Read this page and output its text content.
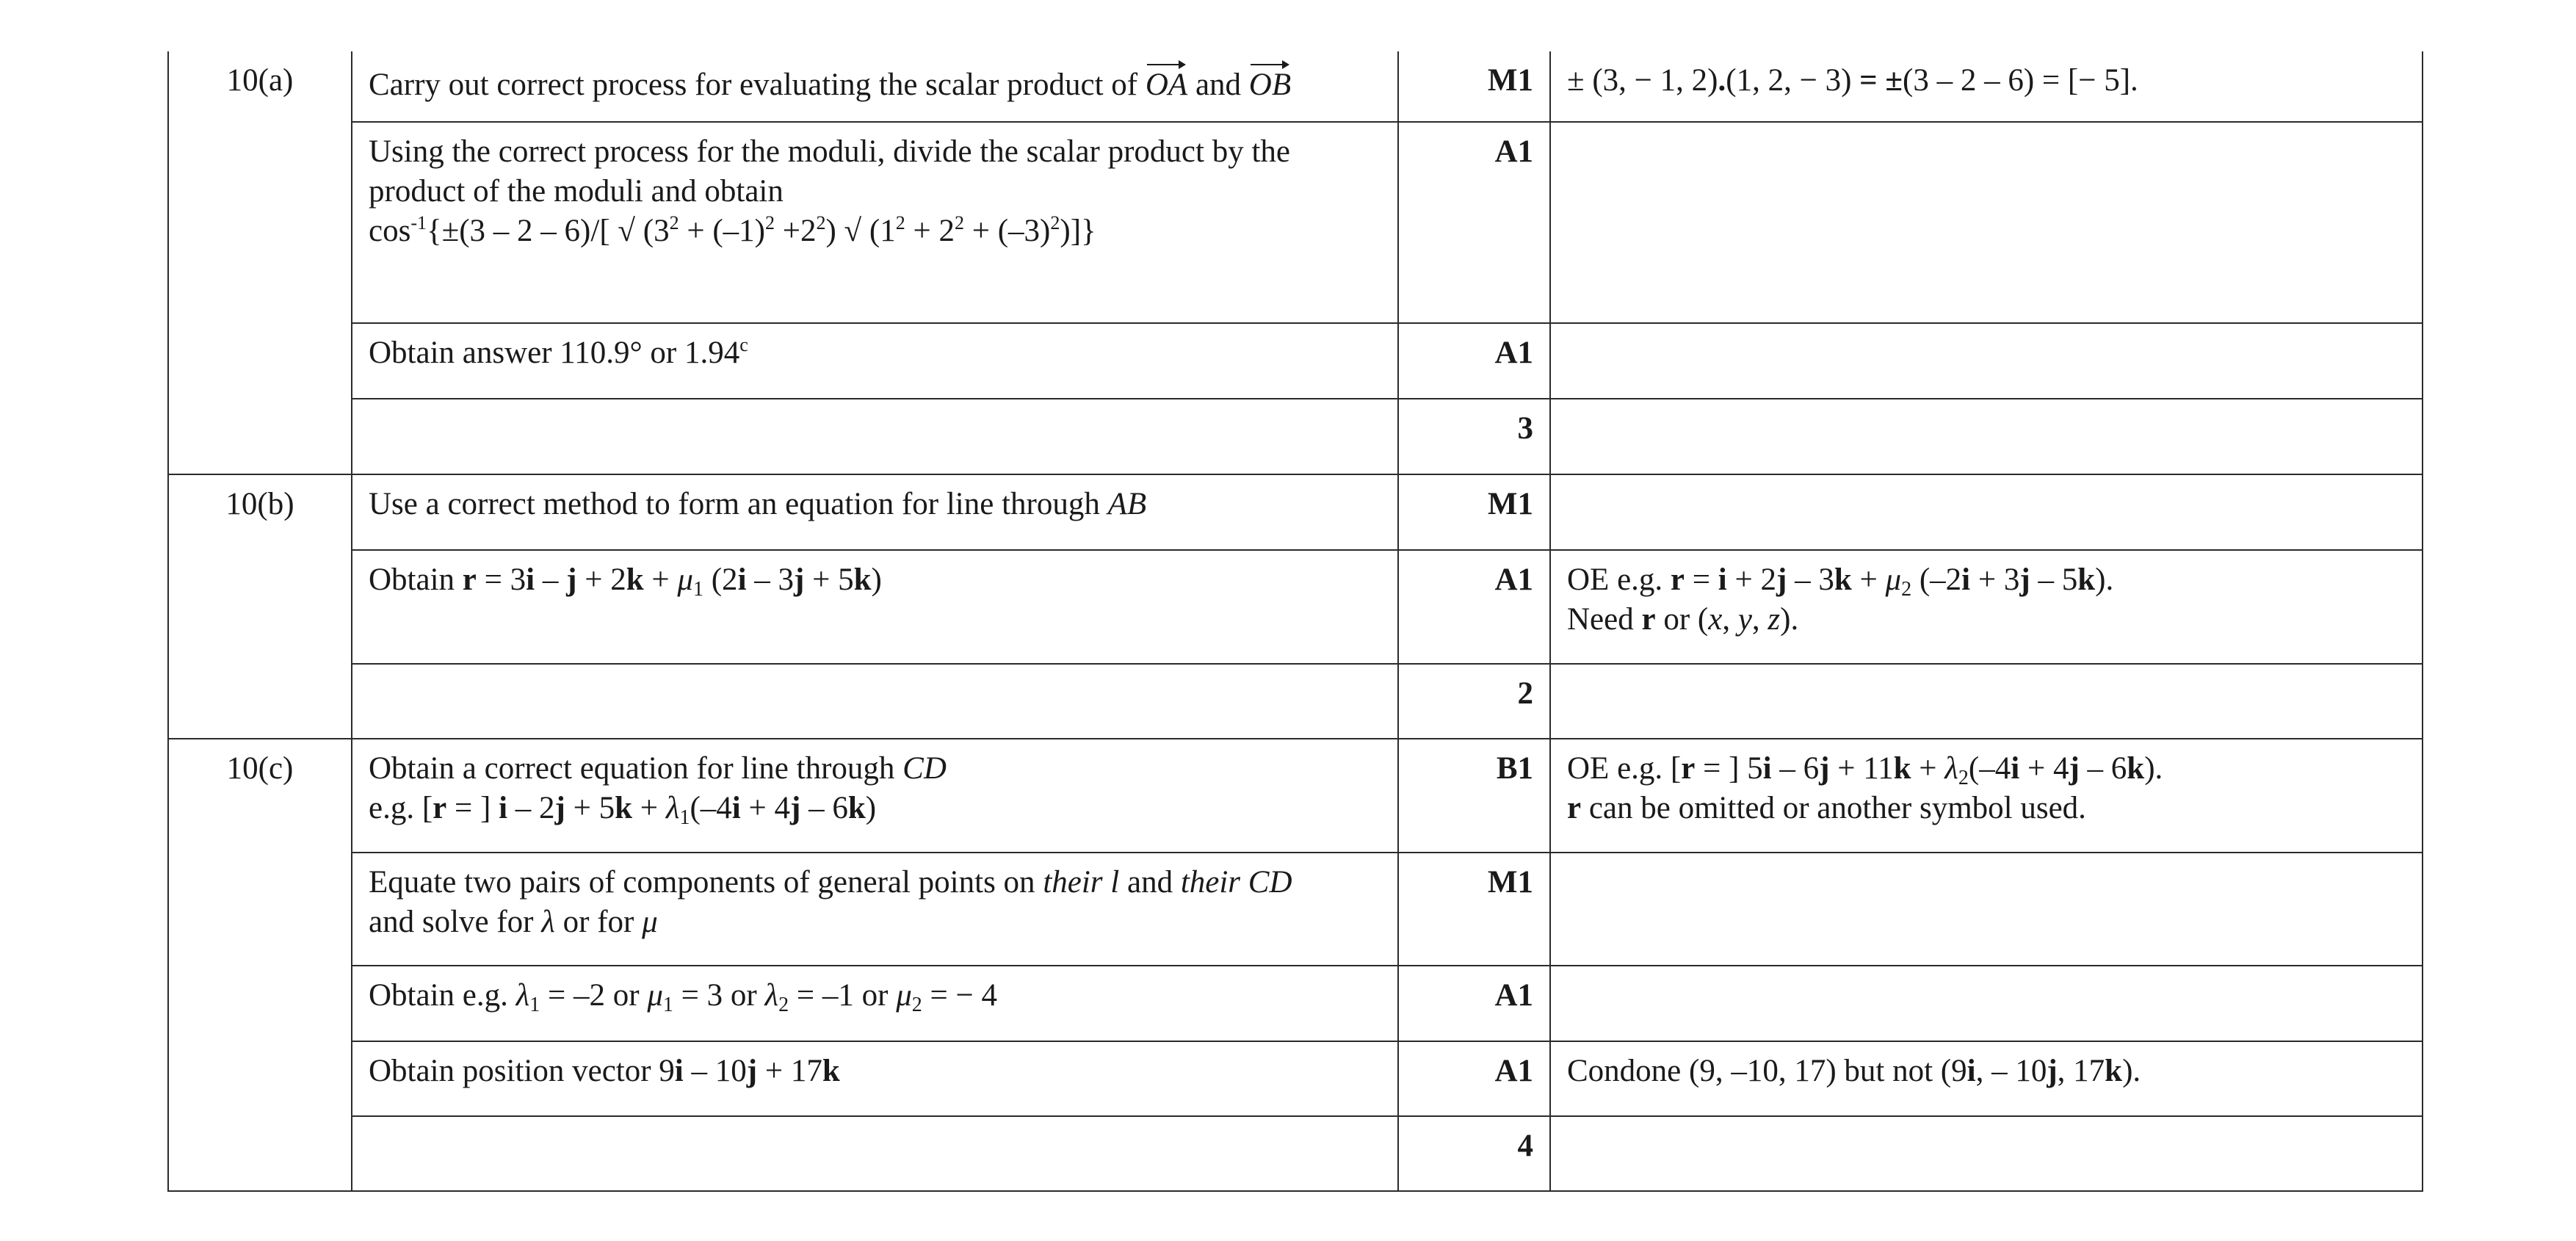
10(a)	Carry out correct process for evaluating the scalar product of OA and OB	M1	± (3, − 1, 2).(1, 2, − 3) = ±(3 – 2 – 6) = [− 5].

	Using the correct process for the moduli, divide the scalar product by the
product of the moduli and obtain
$\cos^{-1}\{\pm(3 - 2 - 6)/$[ √ $(3^2 + (-1)^2 +2^2)$ √ $(1^2 + 2^2 + (-3)^2)$]}	A1	
	Obtain answer 110.9° or 1.94$^c$	A1	
		3	
10(b)	Use a correct method to form an equation for line through AB	M1	
	Obtain $r = 3i - j + 2k + \mu_1$ (2i – 3j + 5k)	A1	OE e.g. $r = i + 2j - 3k + \mu_2$ (–2i + 3j – 5k).
Need r or (x, y, z).

		2	
10(c)	Obtain a correct equation for line through CD
e.g. [r = ] $i - 2j + 5k + \lambda_1(-4i + 4j - 6k)$	B1	OE e.g. [r = ] $5i - 6j + 11k + \lambda_2(-4i + 4j - 6k)$.
r can be omitted or another symbol used.

	Equate two pairs of components of general points on their l and their CD
and solve for λ or for μ	M1	
	Obtain e.g. $\lambda_1 = -2$ or $\mu_1 = 3$ or $\lambda_2 = -1$ or $\mu_2$ = − 4	A1	
	Obtain position vector 9i – 10j + 17k	A1	Condone (9, –10, 17) but not (9i, – 10j, 17k).
		4	
